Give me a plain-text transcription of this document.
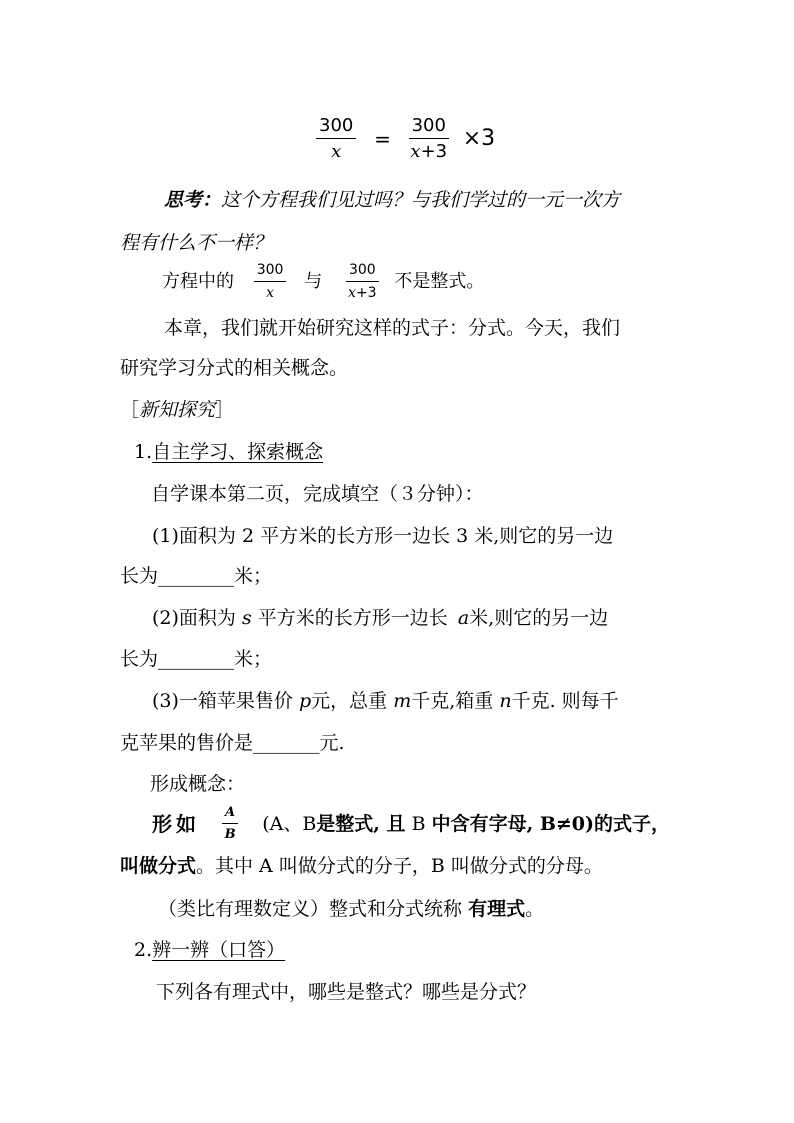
$\frac{300}{x} = \frac{300}{x+3} \times 3$
思考：这个方程我们见过吗？与我们学过的一元一次方
程有什么不一样？
方程中的 $\frac{300}{x}$ 与 $\frac{300}{x+3}$ 不是整式。
本章，我们就开始研究这样的式子：分式。今天，我们
研究学习分式的相关概念。
［新知探究］
1.自主学习、探索概念
自学课本第二页，完成填空（３分钟）：
(1)面积为 2 平方米的长方形一边长 3 米,则它的另一边
长为________米；
(2)面积为 s 平方米的长方形一边长 a米,则它的另一边
长为________米；
(3)一箱苹果售价 p元，总重 m千克,箱重 n千克. 则每千
克苹果的售价是_______元.
形成概念：
形如 $\frac{A}{B} (A$、B是整式, 且 B 中含有字母, B≠0)的式子，
叫做分式。其中 A 叫做分式的分子，B 叫做分式的分母。
（类比有理数定义）整式和分式统称 有理式。
2.辨一辨（口答）
下列各有理式中，哪些是整式？哪些是分式？
